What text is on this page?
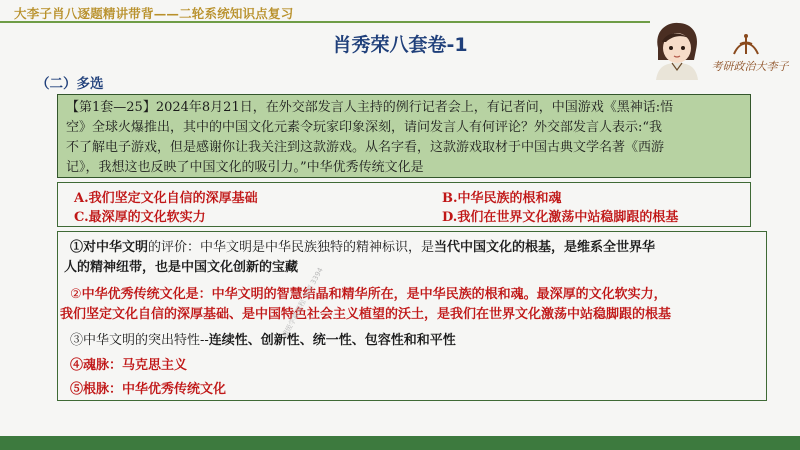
大李子肖八逐题精讲带背——二轮系统知识点复习
肖秀荣八套卷-1
考研政治大李子
（二）多选
【第1套—25】2024年8月21日，在外交部发言人主持的例行记者会上，有记者问，中国游戏《黑神话:悟
空》全球火爆推出，其中的中国文化元素令玩家印象深刻，请问发言人有何评论？外交部发言人表示:“我
不了解电子游戏，但是感谢你让我关注到这款游戏。从名字看，这款游戏取材于中国古典文学名著《西游
记》，我想这也反映了中国文化的吸引力。”中华优秀传统文化是
A.我们坚定文化自信的深厚基础	B.中华民族的根和魂
C.最深厚的文化软实力	D.我们在世界文化激荡中站稳脚跟的根基
①对中华文明的评价：中华文明是中华民族独特的精神标识，是当代中国文化的根基，是维系全世界华
人的精神纽带，也是中国文化创新的宝藏
②中华优秀传统文化是：中华文明的智慧结晶和精华所在，是中华民族的根和魂。最深厚的文化软实力，
我们坚定文化自信的深厚基础、是中国特色社会主义植望的沃土，是我们在世界文化激荡中站稳脚跟的根基
③中华文明的突出特性--连续性、创新性、统一性、包容性和和平性
④魂脉：马克思主义
⑤根脉：中华优秀传统文化
超级学霸课程 来源 3394
